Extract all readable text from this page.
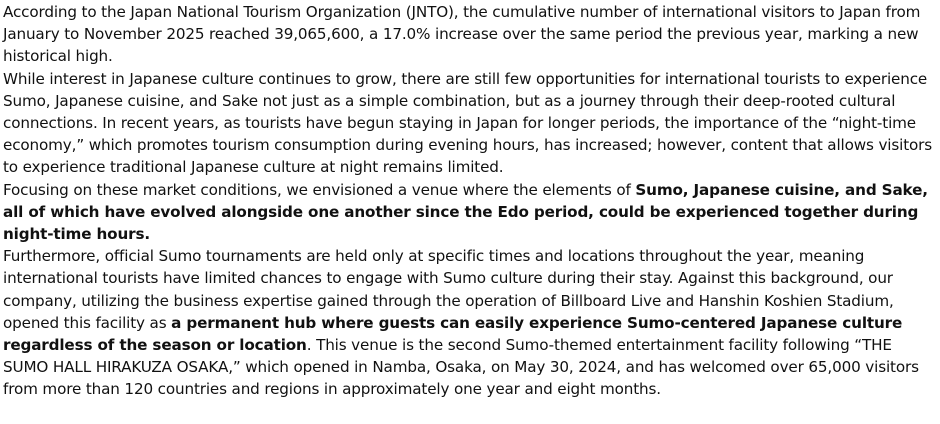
According to the Japan National Tourism Organization (JNTO), the cumulative number of international visitors to Japan from January to November 2025 reached 39,065,600, a 17.0% increase over the same period the previous year, marking a new historical high.

While interest in Japanese culture continues to grow, there are still few opportunities for international tourists to experience Sumo, Japanese cuisine, and Sake not just as a simple combination, but as a journey through their deep-rooted cultural connections. In recent years, as tourists have begun staying in Japan for longer periods, the importance of the “night-time economy,” which promotes tourism consumption during evening hours, has increased; however, content that allows visitors to experience traditional Japanese culture at night remains limited.

Focusing on these market conditions, we envisioned a venue where the elements of Sumo, Japanese cuisine, and Sake, all of which have evolved alongside one another since the Edo period, could be experienced together during night-time hours.

Furthermore, official Sumo tournaments are held only at specific times and locations throughout the year, meaning international tourists have limited chances to engage with Sumo culture during their stay. Against this background, our company, utilizing the business expertise gained through the operation of Billboard Live and Hanshin Koshien Stadium, opened this facility as a permanent hub where guests can easily experience Sumo-centered Japanese culture regardless of the season or location. This venue is the second Sumo-themed entertainment facility following “THE SUMO HALL HIRAKUZA OSAKA,” which opened in Namba, Osaka, on May 30, 2024, and has welcomed over 65,000 visitors from more than 120 countries and regions in approximately one year and eight months.
